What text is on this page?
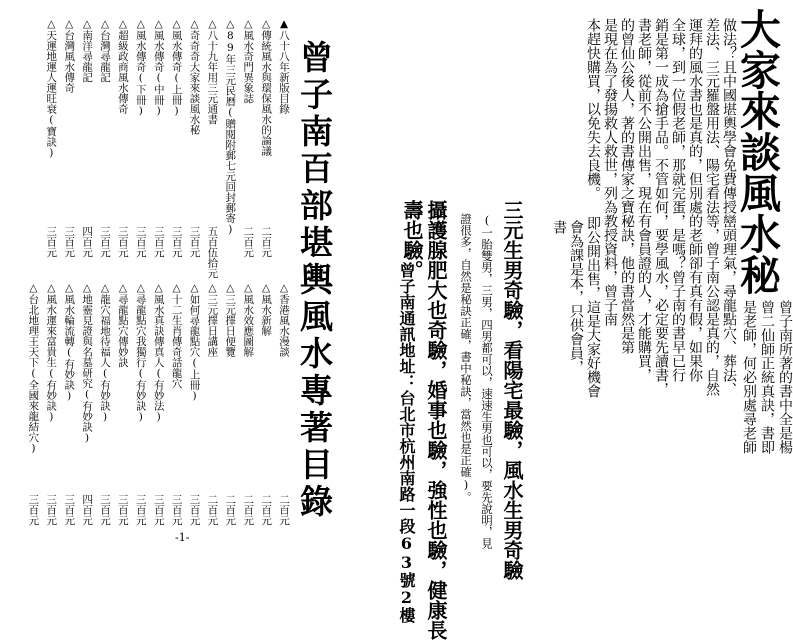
曾子南百部堪輿風水專著目錄
▲八十八年新版目錄
△傳統風水與環保風水的論議
二百元
△風水奇門異象誌
二百元
△89年三元民曆(贈閱附郵七元回封郵寄)
△八十九年用三元通書
五百伍拾元
△奇奇奇大家來談風水秘
三百元
△風水傳奇(上冊)
三百元
△風水傳奇(中冊)
三百元
△風水傳奇(下冊)
三百元
△超級政商風水傳奇
三百元
△台灣尋龍記
三百元
△南洋尋龍記
四百元
△台灣風水傳奇
三百元
△天運地運人運旺衰(寶訣)
三百元
△香港風水漫談
二百元
△風水新解
二百元
△風水效應圖解
二百元
△三元擇日便覽
二百元
△三元擇日講座
二百元
△如何尋龍點穴(上冊)
三百元
△十二生肖傳奇話龍穴
三百元
△風水真訣傳真人(有妙法)
三百元
△尋龍點穴我獨行(有妙訣)
三百元
△尋龍點穴傳妙訣
三百元
△龍穴福地待福人(有妙訣)
三百元
△地靈見證與名墓研究(有妙訣)
四百元
△風水輪流轉(有妙訣)
三百元
△風水運來富貴生(有妙訣)
三百元
△台北地理王天下(全國來龍結穴)
三百元
-1-
大家來談風水秘
曾子南所著的書中全是楊
曾二仙師正統真訣，書即
是老師，何必別處尋老師
做法？且中國堪輿學會免費傳授巒頭理氣，尋龍點穴、葬法、
差法、三元羅盤用法、陽宅看法等，曾子南公認是真的，自然
運拜的風水書也是真的，但別處的老師卻有真有假，如果你
全球，到一位假老師，那就完蛋，是嗎？曾子南的書早已行
銷是第一成為搶手品。不管如何，要學風水，必定要先讀書，
書老師，從前不公開出售，現在有會員證的人，才能購買，
的曾仙公後人，著的書傳家之寶秘訣，他的書當然是第
是現在為了發揚救人救世，列為教授資料，曾子南
本趕快購買，以免失去良機。 即公開出售，這是大家好機會
會為課是本，只供會員，
書
三元生男奇驗，看陽宅最驗，風水生男奇驗
攝護腺肥大也奇驗，婚事也驗，強性也驗，健康長
壽也驗。	(一胎雙男，三男，四男都可以，速速生男也可以，要先說明，見
證很多，自然是秘訣正確，書中秘訣，當然也是正確)。
曾子南通訊地址：台北市杭州南路一段63號2樓
